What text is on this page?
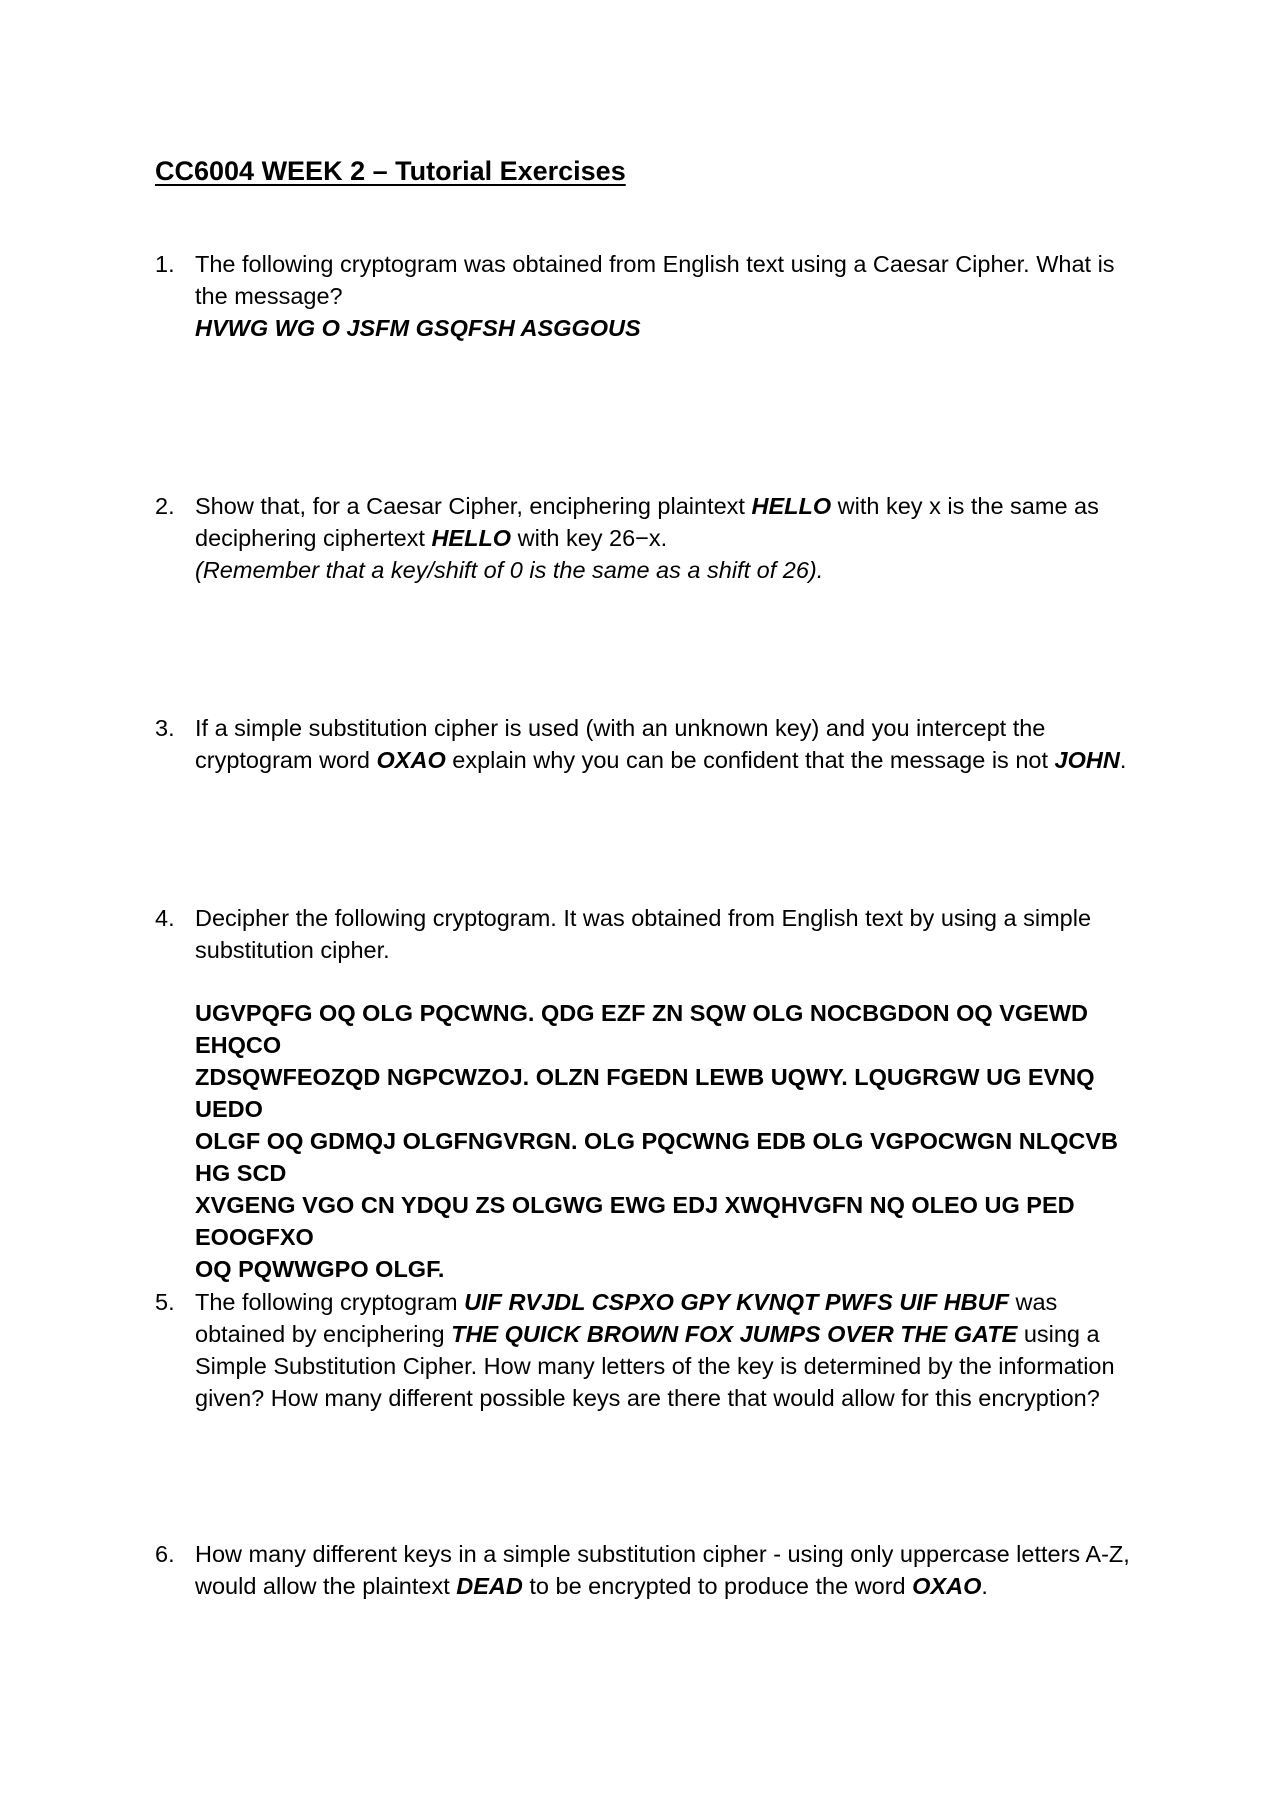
CC6004 WEEK 2 – Tutorial Exercises
1. The following cryptogram was obtained from English text using a Caesar Cipher. What is the message?

HVWG WG O JSFM GSQFSH ASGGOUS

2. Show that, for a Caesar Cipher, enciphering plaintext HELLO with key x is the same as deciphering ciphertext HELLO with key 26−x.

(Remember that a key/shift of 0 is the same as a shift of 26).

3. If a simple substitution cipher is used (with an unknown key) and you intercept the cryptogram word OXAO explain why you can be confident that the message is not JOHN.

4. Decipher the following cryptogram. It was obtained from English text by using a simple substitution cipher.

UGVPQFG OQ OLG PQCWNG. QDG EZF ZN SQW OLG NOCBGDON OQ VGEWD EHQCO
ZDSQWFEOZQD NGPCWZOJ. OLZN FGEDN LEWB UQWY. LQUGRGW UG EVNQ UEDO
OLGF OQ GDMQJ OLGFNGVRGN. OLG PQCWNG EDB OLG VGPOCWGN NLQCVB HG SCD
XVGENG VGO CN YDQU ZS OLGWG EWG EDJ XWQHVGFN NQ OLEO UG PED EOOGFXO
OQ PQWWGPO OLGF.
5. The following cryptogram UIF RVJDL CSPXO GPY KVNQT PWFS UIF HBUF was obtained by enciphering THE QUICK BROWN FOX JUMPS OVER THE GATE using a Simple Substitution Cipher. How many letters of the key is determined by the information given? How many different possible keys are there that would allow for this encryption?

6. How many different keys in a simple substitution cipher - using only uppercase letters A-Z, would allow the plaintext DEAD to be encrypted to produce the word OXAO.
